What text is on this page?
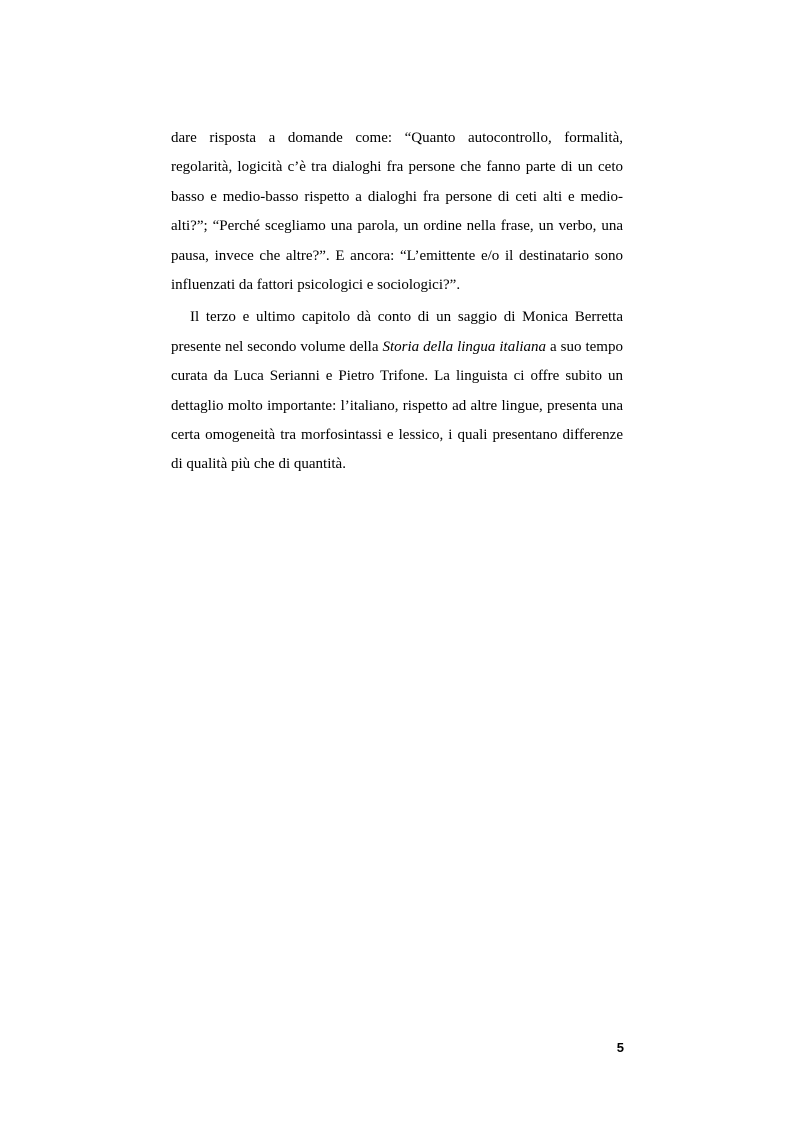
dare risposta a domande come: “Quanto autocontrollo, formalità, regolarità, logicità c’è tra dialoghi fra persone che fanno parte di un ceto basso e medio-basso rispetto a dialoghi fra persone di ceti alti e medio-alti?”; “Perché scegliamo una parola, un ordine nella frase, un verbo, una pausa, invece che altre?”. E ancora: “L’emittente e/o il destinatario sono influenzati da fattori psicologici e sociologici?”.

Il terzo e ultimo capitolo dà conto di un saggio di Monica Berretta presente nel secondo volume della Storia della lingua italiana a suo tempo curata da Luca Serianni e Pietro Trifone. La linguista ci offre subito un dettaglio molto importante: l’italiano, rispetto ad altre lingue, presenta una certa omogeneità tra morfosintassi e lessico, i quali presentano differenze di qualità più che di quantità.

5
